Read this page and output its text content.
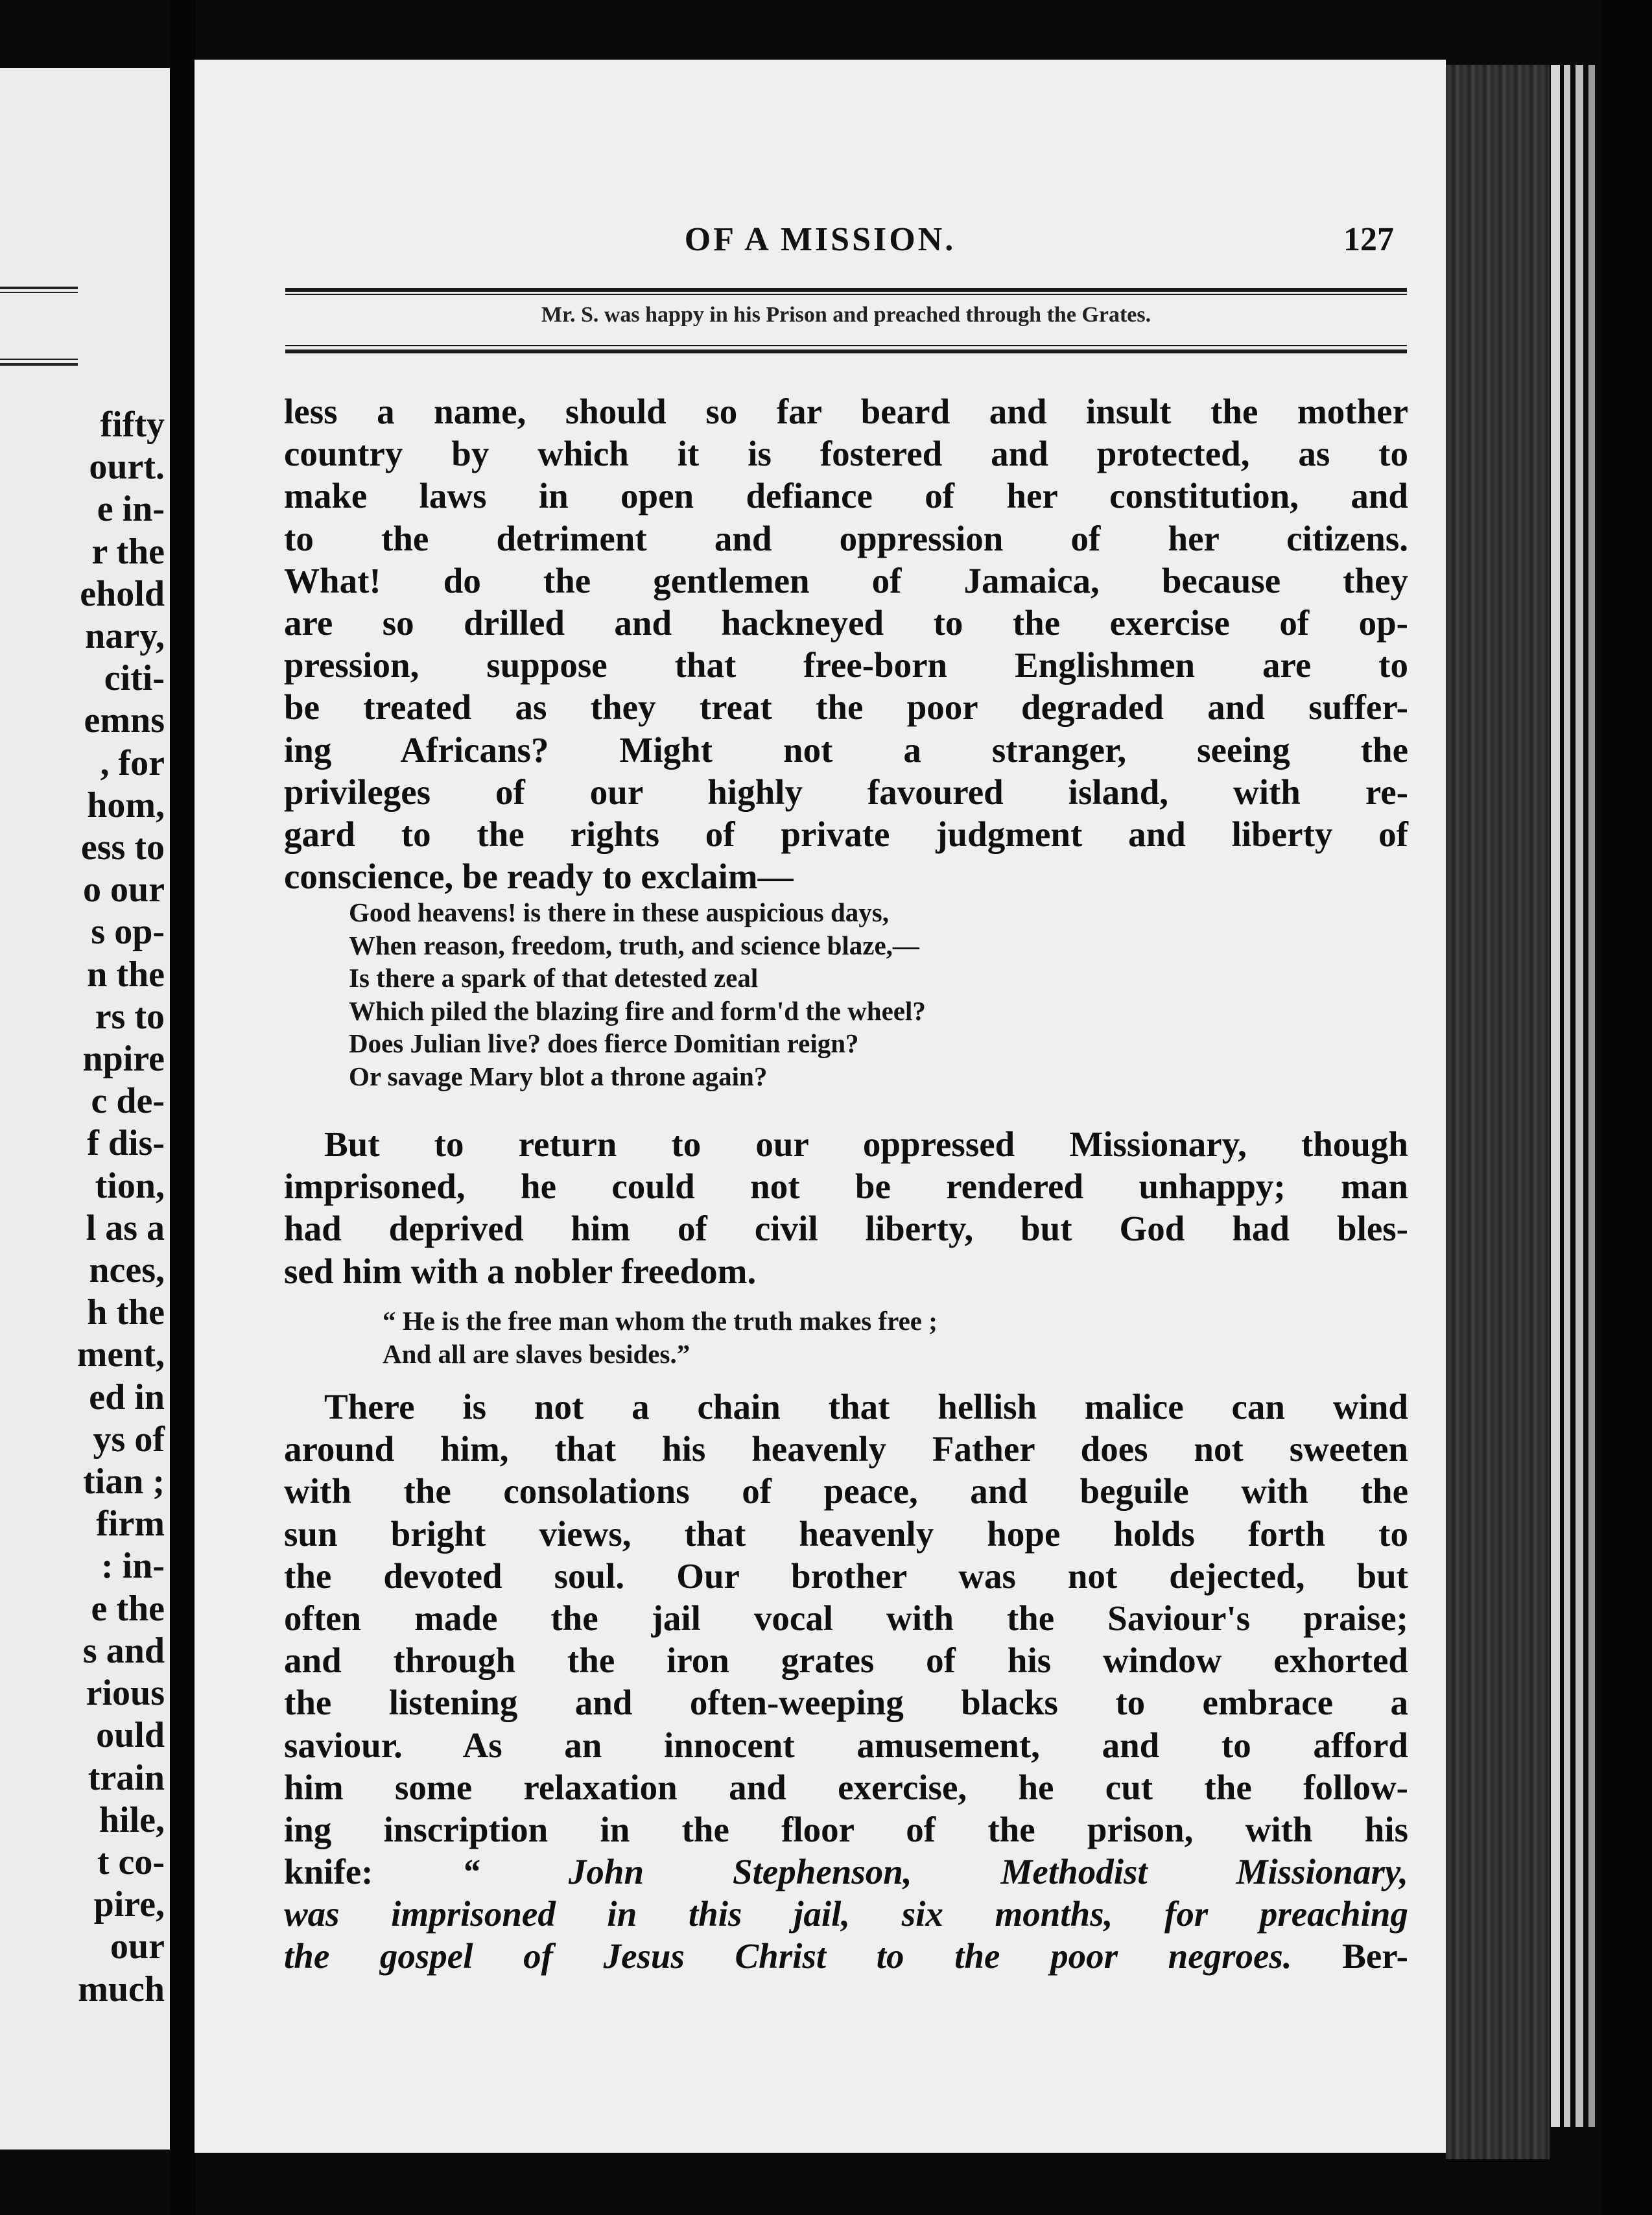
fifty
ourt.
e in-
r the
ehold
nary,
citi-
emns
, for
hom,
ess to
o our
s op-
n the
rs to
npire
c de-
f dis-
tion,
l as a
nces,
h the
ment,
ed in
ys of
tian ;
firm
: in-
e the
s and
rious
ould
train
hile,
t co-
pire,
our
much
OF A MISSION.	127
Mr. S. was happy in his Prison and preached through the Grates.
less a name, should so far beard and insult the mother
country by which it is fostered and protected, as to
make laws in open defiance of her constitution, and
to the detriment and oppression of her citizens.
What! do the gentlemen of Jamaica, because they
are so drilled and hackneyed to the exercise of op-
pression, suppose that free-born Englishmen are to
be treated as they treat the poor degraded and suffer-
ing Africans? Might not a stranger, seeing the
privileges of our highly favoured island, with re-
gard to the rights of private judgment and liberty of
conscience, be ready to exclaim—
Good heavens! is there in these auspicious days,
When reason, freedom, truth, and science blaze,—
Is there a spark of that detested zeal
Which piled the blazing fire and form'd the wheel?
Does Julian live? does fierce Domitian reign?
Or savage Mary blot a throne again?
But to return to our oppressed Missionary, though
imprisoned, he could not be rendered unhappy; man
had deprived him of civil liberty, but God had bles-
sed him with a nobler freedom.
“ He is the free man whom the truth makes free ;
And all are slaves besides.”
There is not a chain that hellish malice can wind
around him, that his heavenly Father does not sweeten
with the consolations of peace, and beguile with the
sun bright views, that heavenly hope holds forth to
the devoted soul. Our brother was not dejected, but
often made the jail vocal with the Saviour's praise;
and through the iron grates of his window exhorted
the listening and often-weeping blacks to embrace a
saviour. As an innocent amusement, and to afford
him some relaxation and exercise, he cut the follow-
ing inscription in the floor of the prison, with his
knife: “ John Stephenson, Methodist Missionary,
was imprisoned in this jail, six months, for preaching
the gospel of Jesus Christ to the poor negroes. Ber-
